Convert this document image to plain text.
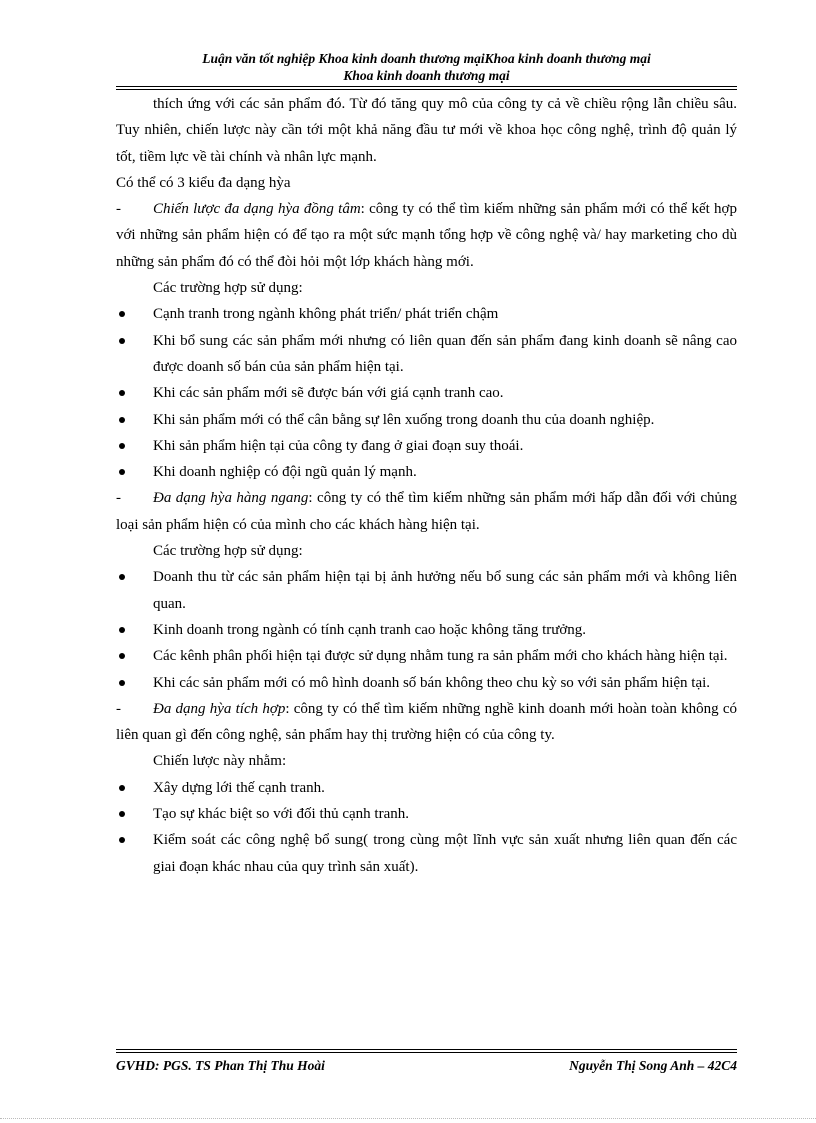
Luận văn tốt nghiệp Khoa kinh doanh thương mạiKhoa kinh doanh thương mại
Khoa kinh doanh thương mại

thích ứng với các sản phẩm đó. Từ đó tăng quy mô của công ty cả về chiều rộng lẫn chiều sâu. Tuy nhiên, chiến lược này cần tới một khả năng đầu tư mới về khoa học công nghệ, trình độ quản lý tốt, tiềm lực về tài chính và nhân lực mạnh.

Có thể có 3 kiểu đa dạng hỳa

- Chiến lược đa dạng hỳa đồng tâm: công ty có thể tìm kiếm những sản phẩm mới có thể kết hợp với những sản phẩm hiện có để tạo ra một sức mạnh tổng hợp về công nghệ và/ hay marketing cho dù những sản phẩm đó có thể đòi hỏi một lớp khách hàng mới.

Các trường hợp sử dụng:

Cạnh tranh trong ngành không phát triển/ phát triển chậm

Khi bổ sung các sản phẩm mới nhưng có liên quan đến sản phẩm đang kinh doanh sẽ nâng cao được doanh số bán của sản phẩm hiện tại.

Khi các sản phẩm mới sẽ được bán với giá cạnh tranh cao.

Khi sản phẩm mới có thể cân bằng sự lên xuống trong doanh thu của doanh nghiệp.

Khi sản phẩm hiện tại của công ty đang ở giai đoạn suy thoái.

Khi doanh nghiệp có đội ngũ quản lý mạnh.

- Đa dạng hỳa hàng ngang: công ty có thể tìm kiếm những sản phẩm mới hấp dẫn đối với chủng loại sản phẩm hiện có của mình cho các khách hàng hiện tại.

Các trường hợp sử dụng:

Doanh thu từ các sản phẩm hiện tại bị ảnh hưởng nếu bổ sung các sản phẩm mới và không liên quan.

Kinh doanh trong ngành có tính cạnh tranh cao hoặc không tăng trưởng.

Các kênh phân phối hiện tại được sử dụng nhằm tung ra sản phẩm mới cho khách hàng hiện tại.

Khi các sản phẩm mới có mô hình doanh số bán không theo chu kỳ so với sản phẩm hiện tại.

- Đa dạng hỳa tích hợp: công ty có thể tìm kiếm những nghề kinh doanh mới hoàn toàn không có liên quan gì đến công nghệ, sản phẩm hay thị trường hiện có của công ty.

Chiến lược này nhằm:

Xây dựng lới thế cạnh tranh.

Tạo sự khác biệt so với đối thủ cạnh tranh.

Kiểm soát các công nghệ bổ sung( trong cùng một lĩnh vực sản xuất nhưng liên quan đến các giai đoạn khác nhau của quy trình sản xuất).

GVHD: PGS. TS Phan Thị Thu Hoài	Nguyễn Thị Song Anh – 42C4
